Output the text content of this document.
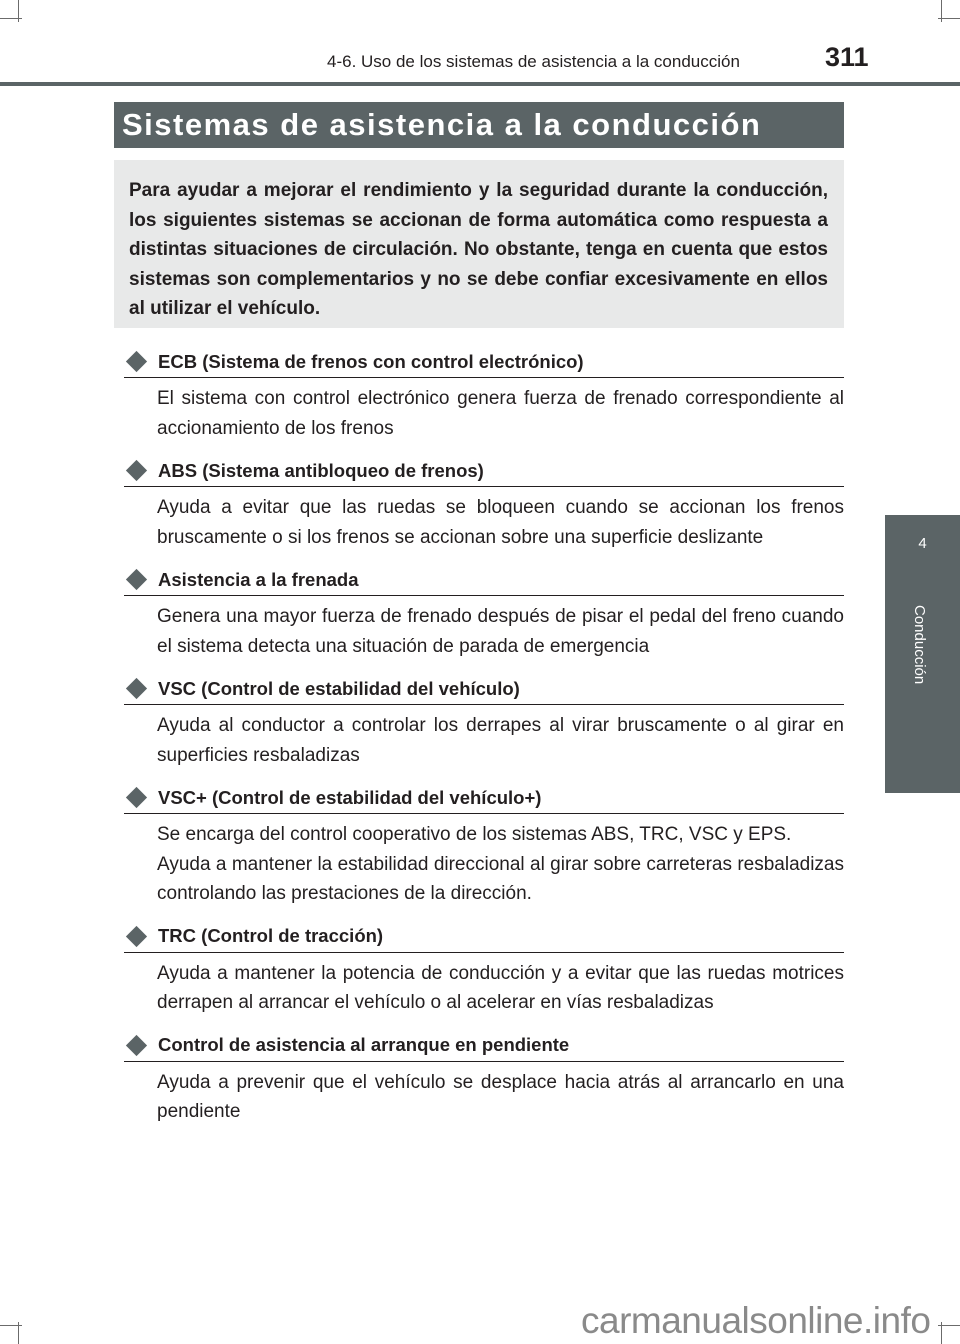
4-6. Uso de los sistemas de asistencia a la conducción	311
Sistemas de asistencia a la conducción

Para ayudar a mejorar el rendimiento y la seguridad durante la conducción, los siguientes sistemas se accionan de forma automática como respuesta a distintas situaciones de circulación. No obstante, tenga en cuenta que estos sistemas son complementarios y no se debe confiar excesivamente en ellos al utilizar el vehículo.

4
Conducción
ECB (Sistema de frenos con control electrónico)

El sistema con control electrónico genera fuerza de frenado correspondiente al accionamiento de los frenos

ABS (Sistema antibloqueo de frenos)

Ayuda a evitar que las ruedas se bloqueen cuando se accionan los frenos bruscamente o si los frenos se accionan sobre una superficie deslizante

Asistencia a la frenada

Genera una mayor fuerza de frenado después de pisar el pedal del freno cuando el sistema detecta una situación de parada de emergencia

VSC (Control de estabilidad del vehículo)

Ayuda al conductor a controlar los derrapes al virar bruscamente o al girar en superficies resbaladizas

VSC+ (Control de estabilidad del vehículo+)

Se encarga del control cooperativo de los sistemas ABS, TRC, VSC y EPS.

Ayuda a mantener la estabilidad direccional al girar sobre carreteras resbaladizas controlando las prestaciones de la dirección.

TRC (Control de tracción)

Ayuda a mantener la potencia de conducción y a evitar que las ruedas motrices derrapen al arrancar el vehículo o al acelerar en vías resbaladizas

Control de asistencia al arranque en pendiente

Ayuda a prevenir que el vehículo se desplace hacia atrás al arrancarlo en una pendiente

carmanualsonline.info
